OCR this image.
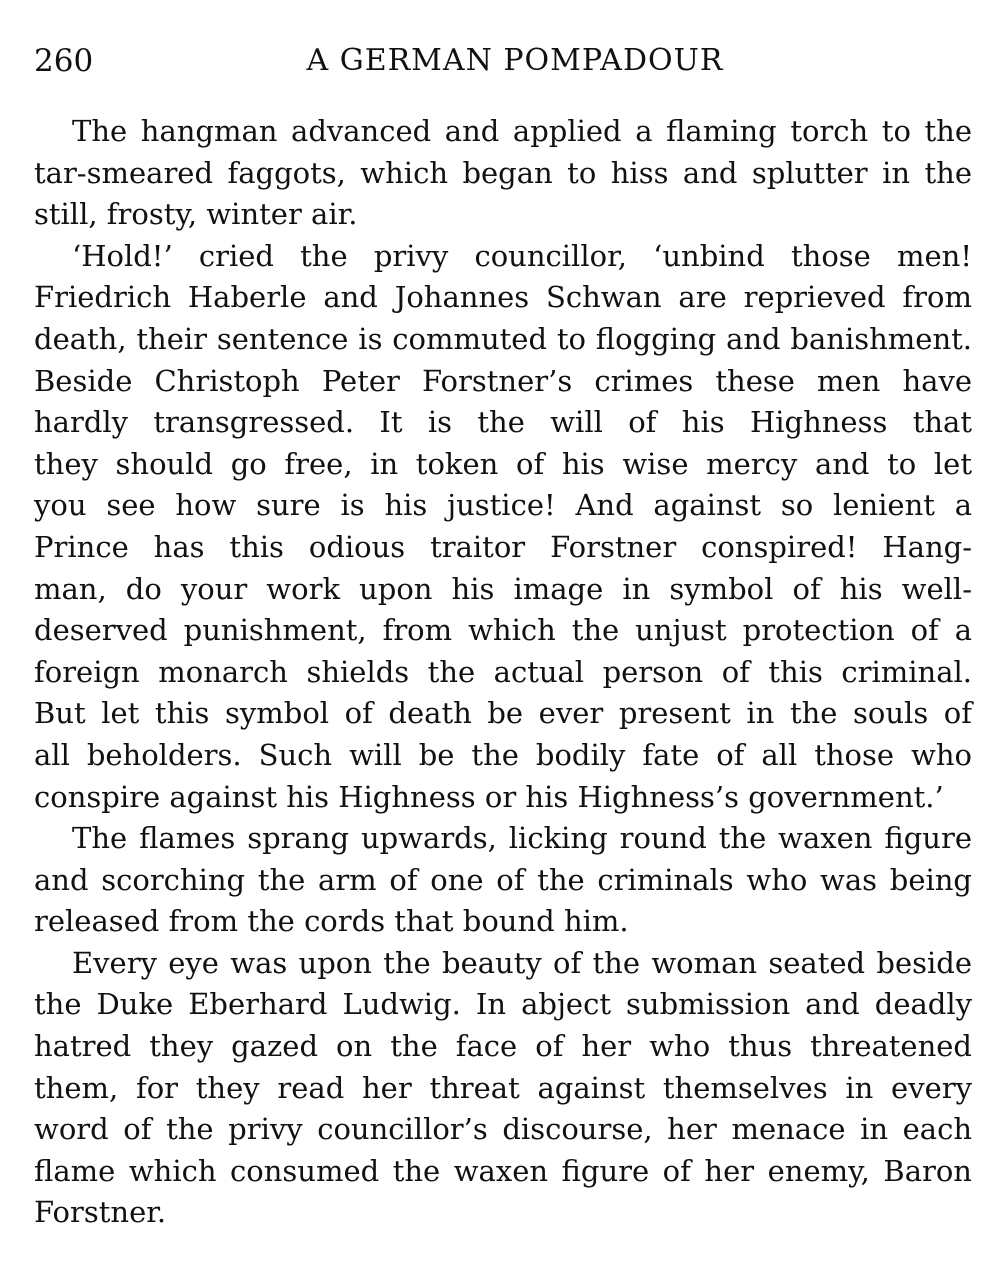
260	A GERMAN POMPADOUR
The hangman advanced and applied a flaming torch to the
tar-smeared faggots, which began to hiss and splutter in the
still, frosty, winter air.
‘Hold!’ cried the privy councillor, ‘unbind those men!
Friedrich Haberle and Johannes Schwan are reprieved from
death, their sentence is commuted to flogging and banishment.
Beside Christoph Peter Forstner’s crimes these men have
hardly transgressed. It is the will of his Highness that
they should go free, in token of his wise mercy and to let
you see how sure is his justice! And against so lenient a
Prince has this odious traitor Forstner conspired! Hang-
man, do your work upon his image in symbol of his well-
deserved punishment, from which the unjust protection of a
foreign monarch shields the actual person of this criminal.
But let this symbol of death be ever present in the souls of
all beholders. Such will be the bodily fate of all those who
conspire against his Highness or his Highness’s government.’
The flames sprang upwards, licking round the waxen figure
and scorching the arm of one of the criminals who was being
released from the cords that bound him.
Every eye was upon the beauty of the woman seated beside
the Duke Eberhard Ludwig. In abject submission and deadly
hatred they gazed on the face of her who thus threatened
them, for they read her threat against themselves in every
word of the privy councillor’s discourse, her menace in each
flame which consumed the waxen figure of her enemy, Baron
Forstner.
